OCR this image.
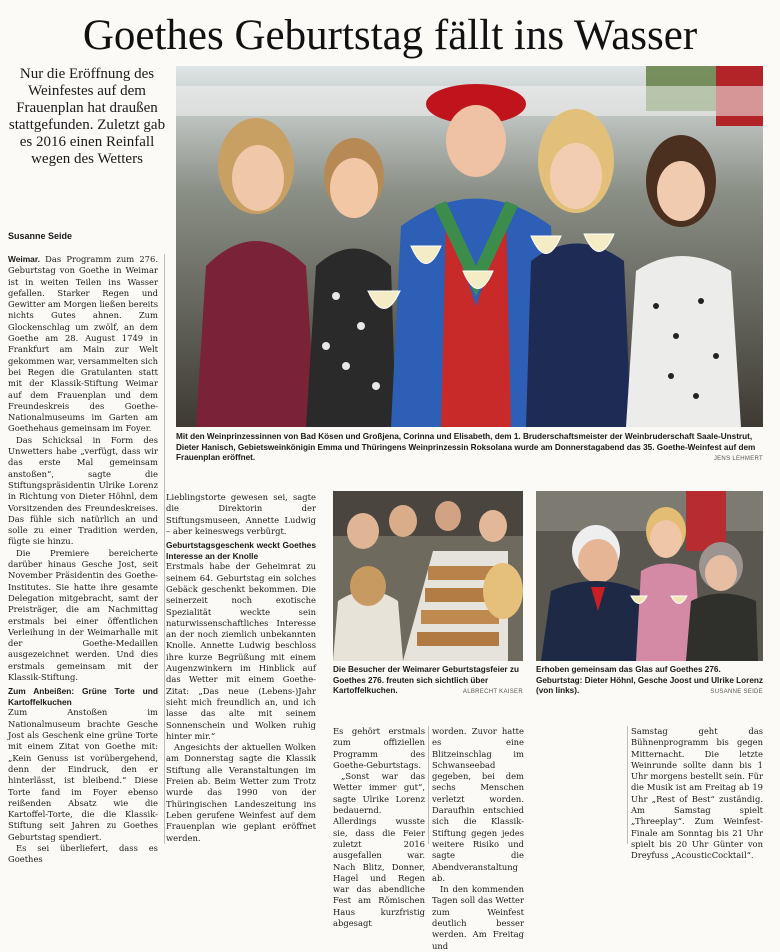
Goethes Geburtstag fällt ins Wasser
Nur die Eröffnung des Weinfestes auf dem Frauenplan hat draußen stattgefunden. Zuletzt gab es 2016 einen Reinfall wegen des Wetters
Susanne Seide
Mit den Weinprinzessinnen von Bad Kösen und Großjena, Corinna und Elisabeth, dem 1. Bruderschaftsmeister der Weinbruderschaft Saale-Unstrut, Dieter Hanisch, Gebietsweinkönigin Emma und Thüringens Weinprinzessin Roksolana wurde am Donnerstagabend das 35. Goethe-Weinfest auf dem Frauenplan eröffnet.	JENS LEHMERT

Weimar. Das Programm zum 276. Geburtstag von Goethe in Weimar ist in weiten Teilen ins Wasser gefallen. Starker Regen und Gewitter am Morgen ließen bereits nichts Gutes ahnen. Zum Glockenschlag um zwölf, an dem Goethe am 28. August 1749 in Frankfurt am Main zur Welt gekommen war, versammelten sich bei Regen die Gratulanten statt mit der Klassik-Stiftung Weimar auf dem Frauenplan und dem Freundeskreis des Goethe-Nationalmuseums im Garten am Goethehaus gemeinsam im Foyer.

Das Schicksal in Form des Unwetters habe „verfügt, dass wir das erste Mal gemeinsam anstoßen“, sagte die Stiftungspräsidentin Ulrike Lorenz in Richtung von Dieter Höhnl, dem Vorsitzenden des Freundeskreises. Das fühle sich natürlich an und solle zu einer Tradition werden, fügte sie hinzu.

Die Premiere bereicherte darüber hinaus Gesche Jost, seit November Präsidentin des Goethe-Institutes. Sie hatte ihre gesamte Delegation mitgebracht, samt der Preisträger, die am Nachmittag erstmals bei einer öffentlichen Verleihung in der Weimarhalle mit der Goethe-Medaillen ausgezeichnet werden. Und dies erstmals gemeinsam mit der Klassik-Stiftung.

Zum Anbeißen: Grüne Torte und Kartoffelkuchen

Zum Anstoßen im Nationalmuseum brachte Gesche Jost als Geschenk eine grüne Torte mit einem Zitat von Goethe mit: „Kein Genuss ist vorübergehend, denn der Eindruck, den er hinterlässt, ist bleibend.“ Diese Torte fand im Foyer ebenso reißenden Absatz wie die Kartoffel-Torte, die die Klassik-Stiftung seit Jahren zu Goethes Geburtstag spendiert.

Es sei überliefert, dass es Goethes

Lieblingstorte gewesen sei, sagte die Direktorin der Stiftungsmuseen, Annette Ludwig – aber keineswegs verbürgt.

Geburtstagsgeschenk weckt Goethes Interesse an der Knolle

Erstmals habe der Geheimrat zu seinem 64. Geburtstag ein solches Gebäck geschenkt bekommen. Die seinerzeit noch exotische Spezialität weckte sein naturwissenschaftliches Interesse an der noch ziemlich unbekannten Knolle. Annette Ludwig beschloss ihre kurze Begrüßung mit einem Augenzwinkern im Hinblick auf das Wetter mit einem Goethe-Zitat: „Das neue (Lebens-)Jahr sieht mich freundlich an, und ich lasse das alte mit seinem Sonnenschein und Wolken ruhig hinter mir.“

Angesichts der aktuellen Wolken am Donnerstag sagte die Klassik Stiftung alle Veranstaltungen im Freien ab. Beim Wetter zum Trotz wurde das 1990 von der Thüringischen Landeszeitung ins Leben gerufene Weinfest auf dem Frauenplan wie geplant eröffnet werden.

Die Besucher der Weimarer Geburtstagsfeier zu Goethes 276. freuten sich sichtlich über Kartoffelkuchen.	ALBRECHT KAISER
Erhoben gemeinsam das Glas auf Goethes 276. Geburtstag: Dieter Höhnl, Gesche Joost und Ulrike Lorenz (von links).	SUSANNE SEIDE

Es gehört erstmals zum offiziellen Programm des Goethe-Geburtstags.

„Sonst war das Wetter immer gut“, sagte Ulrike Lorenz bedauernd. Allerdings wusste sie, dass die Feier zuletzt 2016 ausgefallen war. Nach Blitz, Donner, Hagel und Regen war das abendliche Fest am Römischen Haus kurzfristig abgesagt

worden. Zuvor hatte es eine Blitzeinschlag im Schwanseebad gegeben, bei dem sechs Menschen verletzt worden. Daraufhin entschied sich die Klassik-Stiftung gegen jedes weitere Risiko und sagte die Abendveranstaltung ab.

In den kommenden Tagen soll das Wetter zum Weinfest deutlich besser werden. Am Freitag und

Samstag geht das Bühnenprogramm bis gegen Mitternacht. Die letzte Weinrunde sollte dann bis 1 Uhr morgens bestellt sein. Für die Musik ist am Freitag ab 19 Uhr „Rest of Best“ zuständig. Am Samstag spielt „Threeplay“. Zum Weinfest-Finale am Sonntag bis 21 Uhr spielt bis 20 Uhr Günter von Dreyfuss „AcousticCocktail“.
